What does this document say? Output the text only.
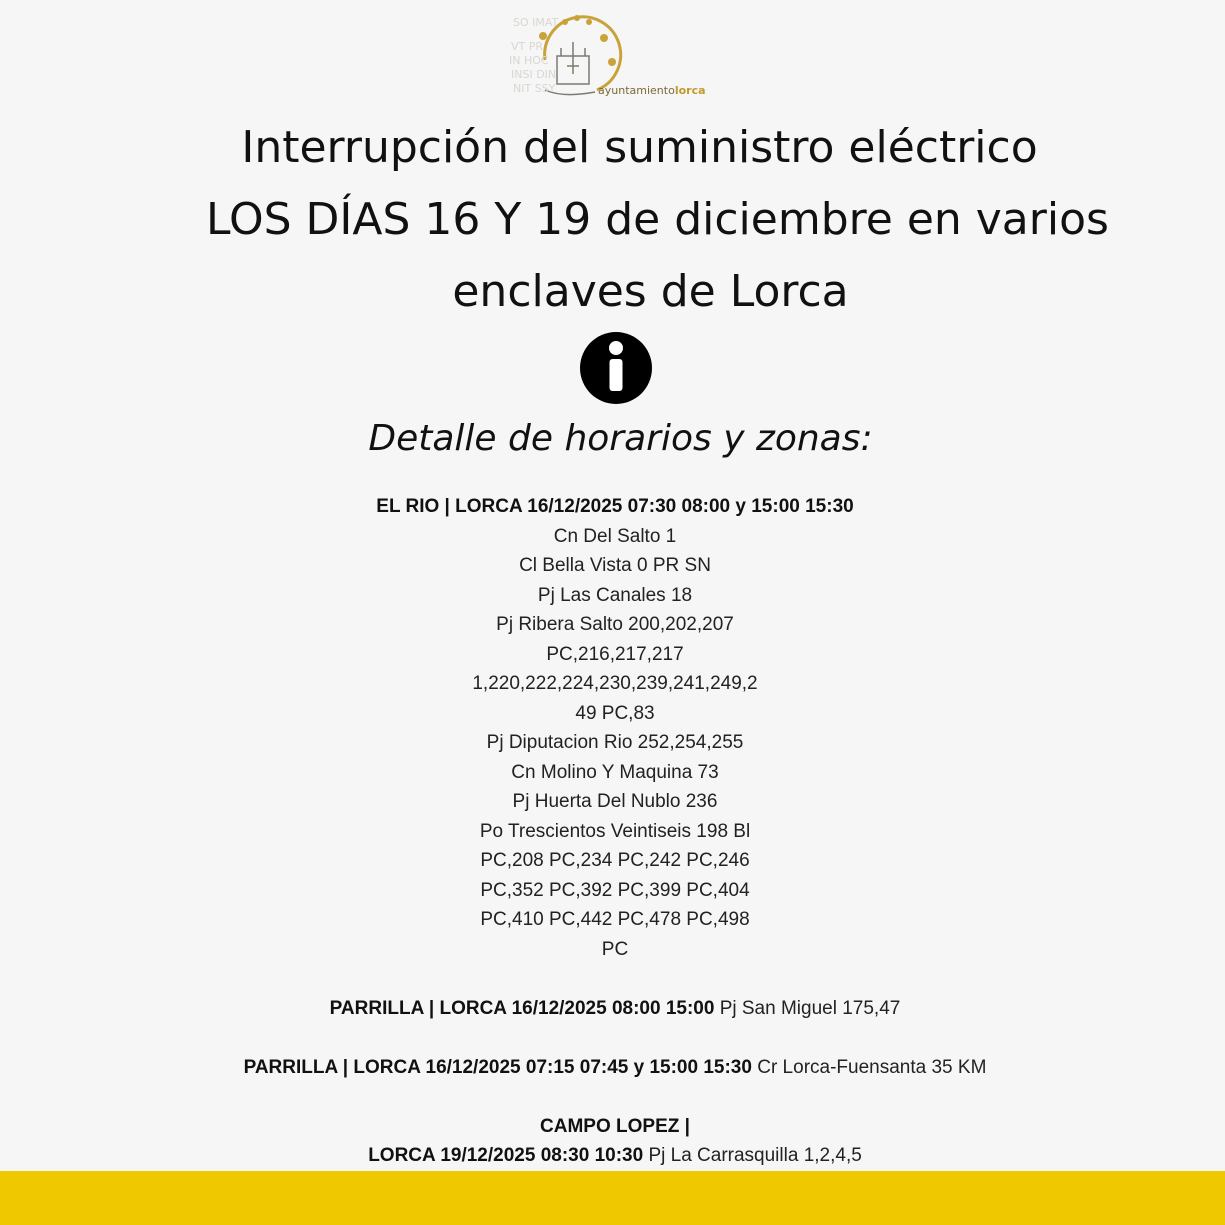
SO IMAT
VT PR
IN HOC
INSI DIN
NIT SSY	ayuntamientolorca
Interrupción del suministro eléctrico
LOS DÍAS 16 Y 19 de diciembre en varios
enclaves de Lorca
Detalle de horarios y zonas:
EL RIO | LORCA 16/12/2025 07:30 08:00 y 15:00 15:30
Cn Del Salto 1
Cl Bella Vista 0 PR SN
Pj Las Canales 18
Pj Ribera Salto 200,202,207
PC,216,217,217
1,220,222,224,230,239,241,249,2
49 PC,83
Pj Diputacion Rio 252,254,255
Cn Molino Y Maquina 73
Pj Huerta Del Nublo 236
Po Trescientos Veintiseis 198 Bl
PC,208 PC,234 PC,242 PC,246
PC,352 PC,392 PC,399 PC,404
PC,410 PC,442 PC,478 PC,498
PC
PARRILLA | LORCA 16/12/2025 08:00 15:00 Pj San Miguel 175,47
PARRILLA | LORCA 16/12/2025 07:15 07:45 y 15:00 15:30 Cr Lorca-Fuensanta 35 KM
CAMPO LOPEZ |
LORCA 19/12/2025 08:30 10:30 Pj La Carrasquilla 1,2,4,5
